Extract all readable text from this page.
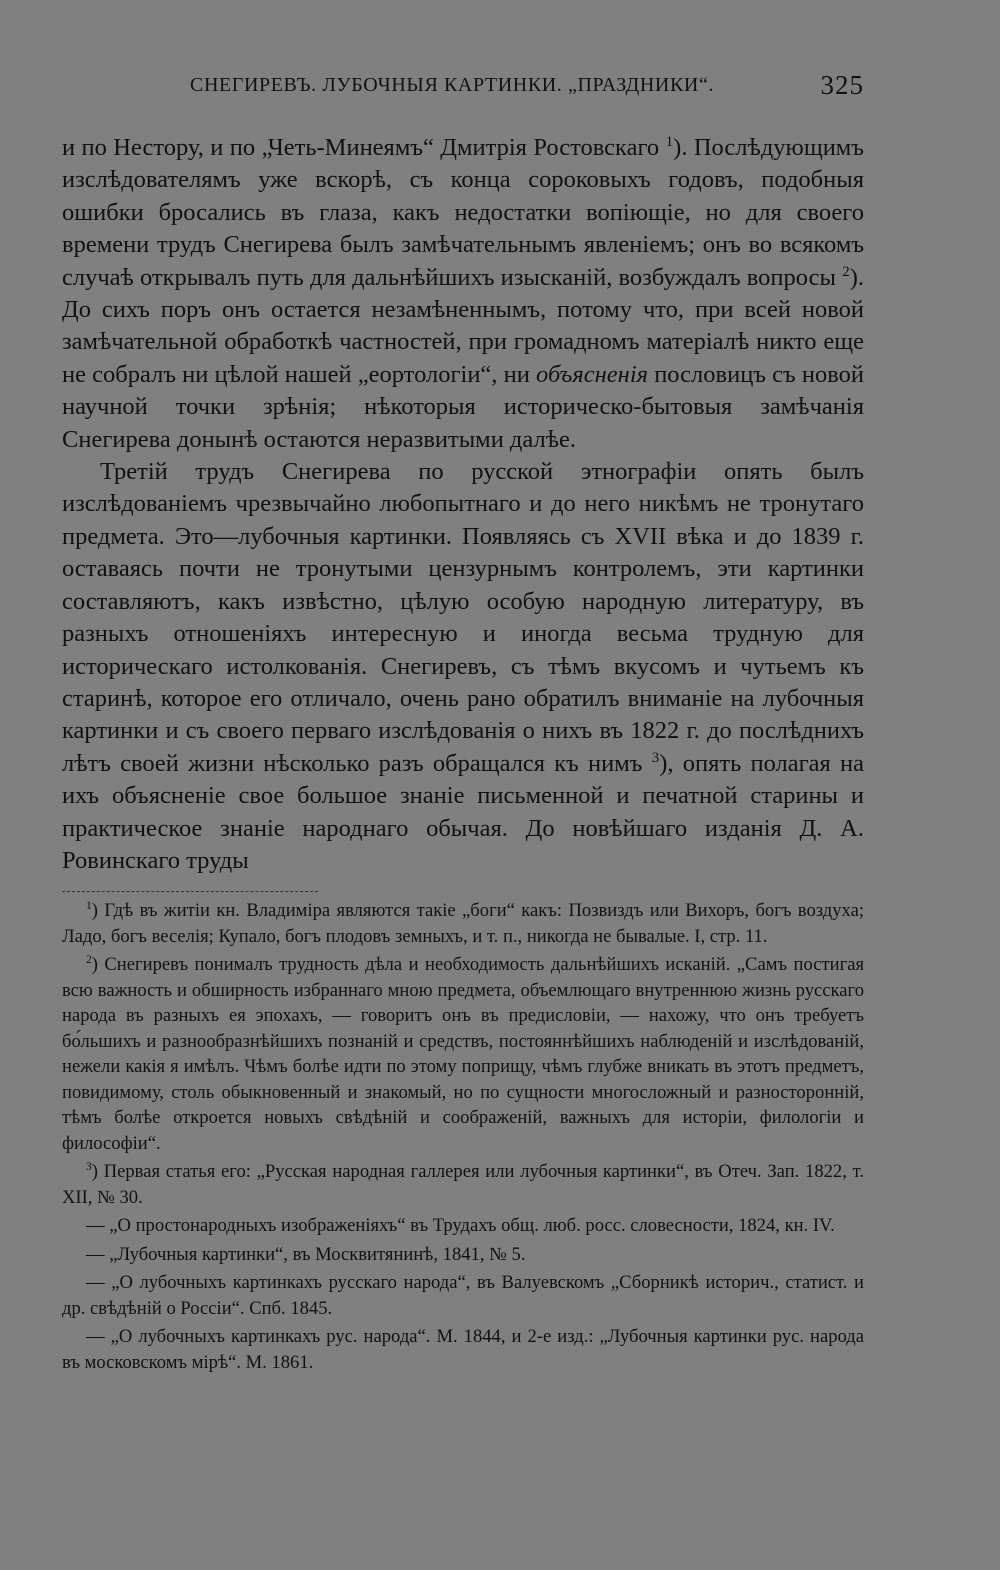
СНЕГИРЕВЪ. ЛУБОЧНЫЯ КАРТИНКИ. „ПРАЗДНИКИ“.	325

и по Нестору, и по „Четь-Минеямъ“ Дмитрія Ростовскаго $^1$). Послѣдующимъ изслѣдователямъ уже вскорѣ, съ конца сороковыхъ годовъ, подобныя ошибки бросались въ глаза, какъ недостатки вопіющіе, но для своего времени трудъ Снегирева былъ замѣчательнымъ явленіемъ; онъ во всякомъ случаѣ открывалъ путь для дальнѣйшихъ изысканій, возбуждалъ вопросы $^2$). До сихъ поръ онъ остается незамѣненнымъ, потому что, при всей новой замѣчательной обработкѣ частностей, при громадномъ матеріалѣ никто еще не собралъ ни цѣлой нашей „еортологіи“, ни объясненія пословицъ съ новой научной точки зрѣнія; нѣкоторыя историческо-бытовыя замѣчанія Снегирева донынѣ остаются неразвитыми далѣе.

Третій трудъ Снегирева по русской этнографіи опять былъ изслѣдованіемъ чрезвычайно любопытнаго и до него никѣмъ не тронутаго предмета. Это—лубочныя картинки. Появляясь съ XVII вѣка и до 1839 г. оставаясь почти не тронутыми цензурнымъ контролемъ, эти картинки составляютъ, какъ извѣстно, цѣлую особую народную литературу, въ разныхъ отношеніяхъ интересную и иногда весьма трудную для историческаго истолкованія. Снегиревъ, съ тѣмъ вкусомъ и чутьемъ къ старинѣ, которое его отличало, очень рано обратилъ вниманіе на лубочныя картинки и съ своего перваго изслѣдованія о нихъ въ 1822 г. до послѣднихъ лѣтъ своей жизни нѣсколько разъ обращался къ нимъ $^3$), опять полагая на ихъ объясненіе свое большое знаніе письменной и печатной старины и практическое знаніе народнаго обычая. До новѣйшаго изданія Д. А. Ровинскаго труды

$^1$) Гдѣ въ житіи кн. Владиміра являются такіе „боги“ какъ: Позвиздъ или Вихоръ, богъ воздуха; Ладо, богъ веселія; Купало, богъ плодовъ земныхъ, и т. п., никогда не бывалые. I, стр. 11.

$^2$) Снегиревъ понималъ трудность дѣла и необходимость дальнѣйшихъ исканій. „Самъ постигая всю важность и обширность избраннаго мною предмета, объемлющаго внутреннюю жизнь русскаго народа въ разныхъ ея эпохахъ, — говоритъ онъ въ предисловіи, — нахожу, что онъ требуетъ бо́льшихъ и разнообразнѣйшихъ познаній и средствъ, постояннѣйшихъ наблюденій и изслѣдованій, нежели какія я имѣлъ. Чѣмъ болѣе идти по этому поприщу, чѣмъ глубже вникать въ этотъ предметъ, повидимому, столь обыкновенный и знакомый, но по сущности многосложный и разносторонній, тѣмъ болѣе откроется новыхъ свѣдѣній и соображеній, важныхъ для исторіи, филологіи и философіи“.

$^3$) Первая статья его: „Русская народная галлерея или лубочныя картинки“, въ Отеч. Зап. 1822, т. XII, № 30.

— „О простонародныхъ изображеніяхъ“ въ Трудахъ общ. люб. росс. словесности, 1824, кн. IV.

— „Лубочныя картинки“, въ Москвитянинѣ, 1841, № 5.

— „О лубочныхъ картинкахъ русскаго народа“, въ Валуевскомъ „Сборникѣ историч., статист. и др. свѣдѣній о Россіи“. Спб. 1845.

— „О лубочныхъ картинкахъ рус. народа“. М. 1844, и 2-е изд.: „Лубочныя картинки рус. народа въ московскомъ мірѣ“. М. 1861.
